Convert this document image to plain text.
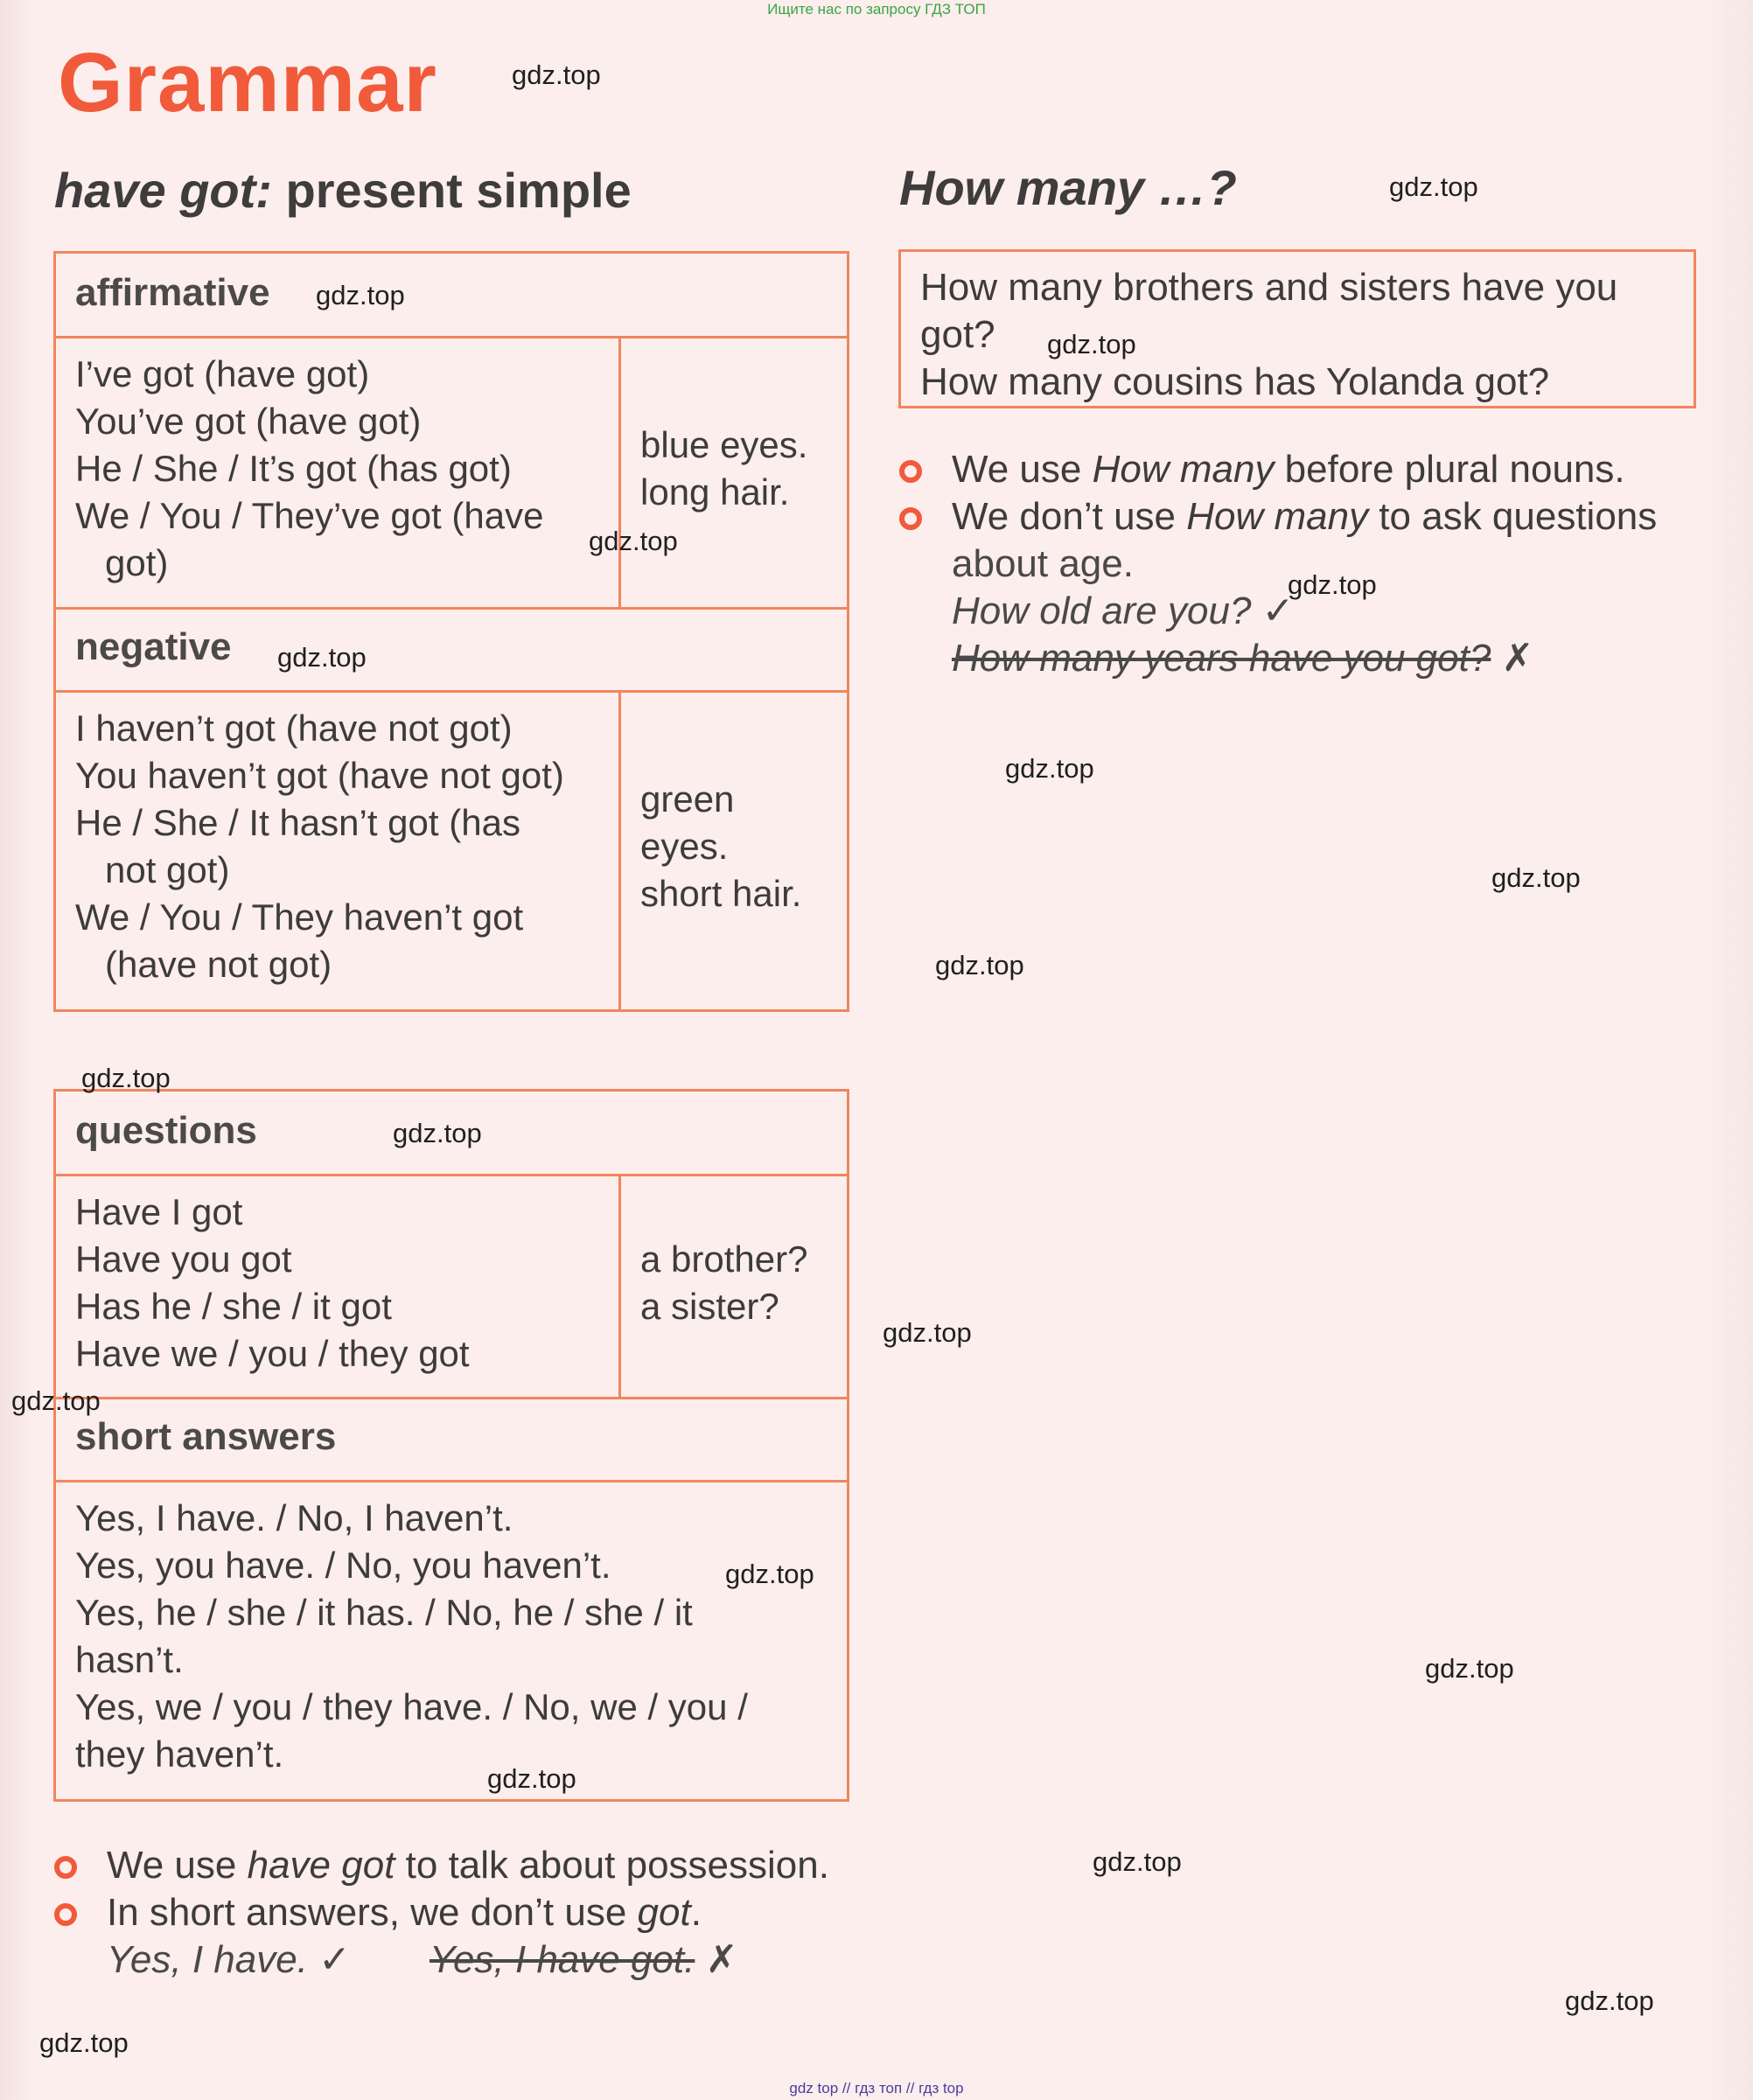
Ищите нас по запросу ГДЗ ТОП
Grammar
have got: present simple
affirmative
I’ve got (have got)
You’ve got (have got)
He / She / It’s got (has got)
We / You / They’ve got (have
got)
blue eyes.
long hair.
negative
I haven’t got (have not got)
You haven’t got (have not got)
He / She / It hasn’t got (has
not got)
We / You / They haven’t got
(have not got)
green
eyes.
short hair.
questions
Have I got
Have you got
Has he / she / it got
Have we / you / they got
a brother?
a sister?
short answers
Yes, I have. / No, I haven’t.
Yes, you have. / No, you haven’t.
Yes, he / she / it has. / No, he / she / it
hasn’t.
Yes, we / you / they have. / No, we / you /
they haven’t.
We use have got to talk about possession.
In short answers, we don’t use got.
Yes, I have. ✓ Yes, I have got. ✗
How many …?
How many brothers and sisters have you
got?
How many cousins has Yolanda got?
We use How many before plural nouns.
We don’t use How many to ask questions
about age.
How old are you? ✓
How many years have you got? ✗
gdz.top
gdz.top
gdz.top
gdz.top
gdz.top
gdz.top
gdz.top
gdz.top
gdz.top
gdz.top
gdz.top
gdz.top
gdz.top
gdz.top
gdz.top
gdz.top
gdz.top
gdz.top
gdz.top
gdz.top
gdz top // гдз топ // гдз top
